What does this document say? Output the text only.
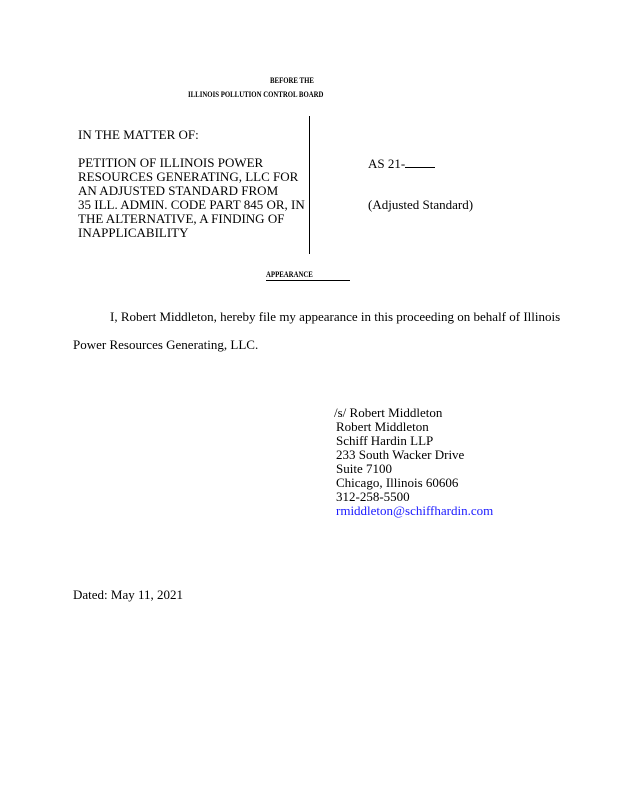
BEFORE THE
ILLINOIS POLLUTION CONTROL BOARD
IN THE MATTER OF:
PETITION OF ILLINOIS POWER
RESOURCES GENERATING, LLC FOR
AN ADJUSTED STANDARD FROM
35 ILL. ADMIN. CODE PART 845 OR, IN
THE ALTERNATIVE, A FINDING OF
INAPPLICABILITY
AS 21-
(Adjusted Standard)
APPEARANCE
I, Robert Middleton, hereby file my appearance in this proceeding on behalf of Illinois
Power Resources Generating, LLC.
/s/ Robert Middleton
Robert Middleton
Schiff Hardin LLP
233 South Wacker Drive
Suite 7100
Chicago, Illinois 60606
312-258-5500
rmiddleton@schiffhardin.com
Dated: May 11, 2021
